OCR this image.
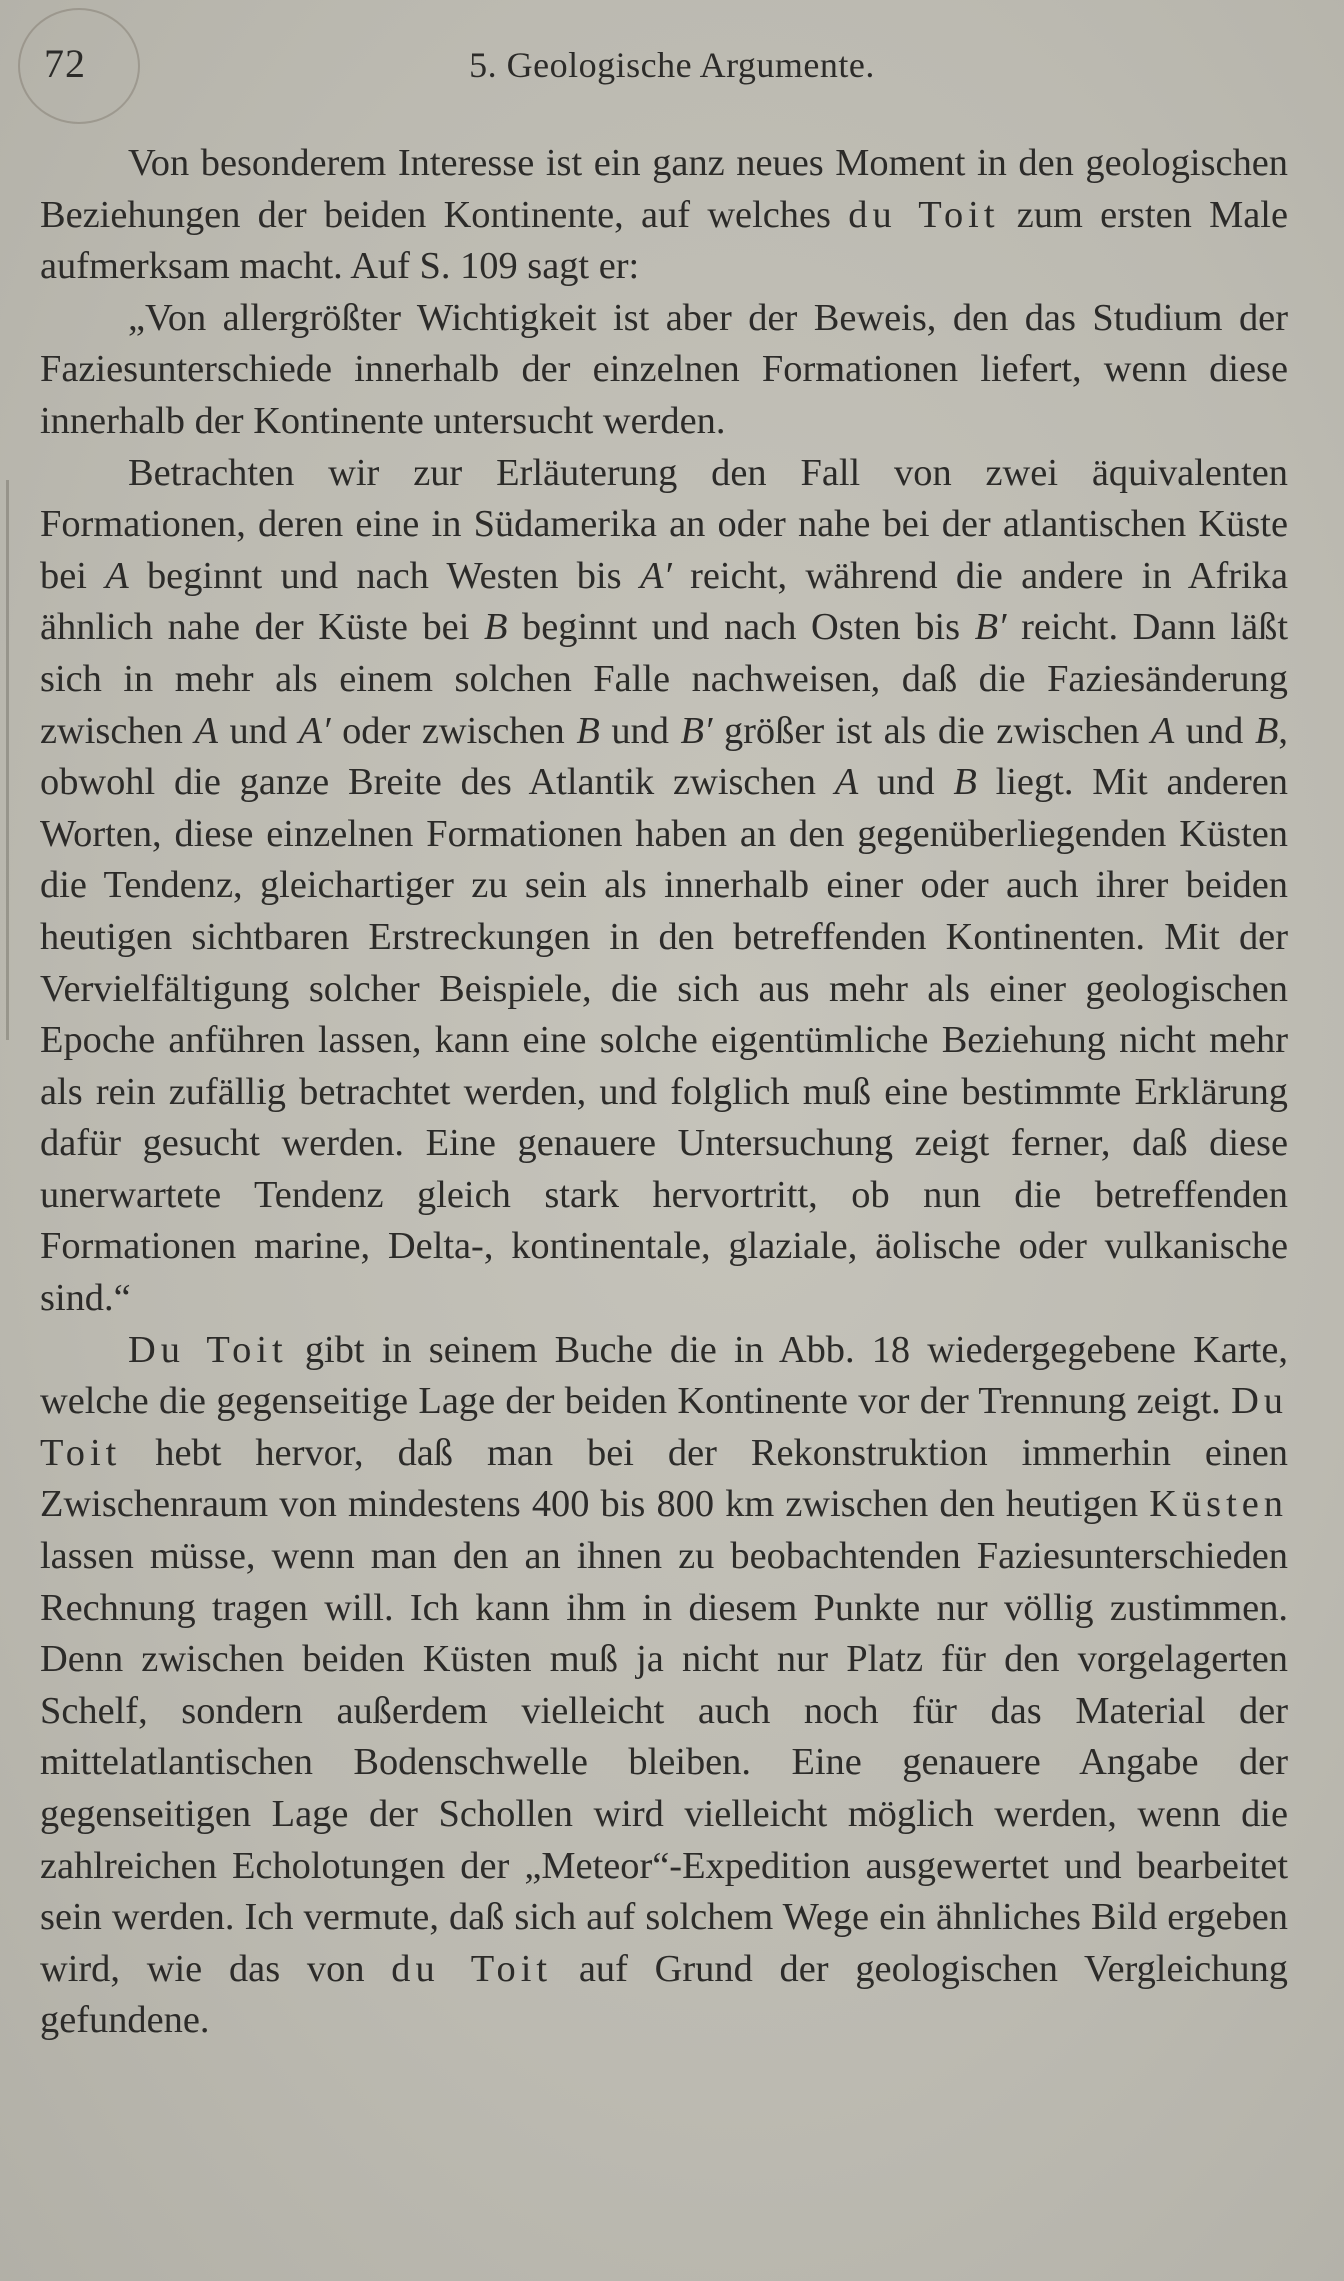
72	5. Geologische Argumente.

Von besonderem Interesse ist ein ganz neues Moment in den geologischen Beziehungen der beiden Kontinente, auf welches du Toit zum ersten Male aufmerksam macht. Auf S. 109 sagt er:

„Von allergrößter Wichtigkeit ist aber der Beweis, den das Studium der Faziesunterschiede innerhalb der einzelnen Formationen liefert, wenn diese innerhalb der Kontinente untersucht werden.

Betrachten wir zur Erläuterung den Fall von zwei äquivalenten Formationen, deren eine in Südamerika an oder nahe bei der atlantischen Küste bei A beginnt und nach Westen bis A′ reicht, während die andere in Afrika ähnlich nahe der Küste bei B beginnt und nach Osten bis B′ reicht. Dann läßt sich in mehr als einem solchen Falle nachweisen, daß die Faziesänderung zwischen A und A′ oder zwischen B und B′ größer ist als die zwischen A und B, obwohl die ganze Breite des Atlantik zwischen A und B liegt. Mit anderen Worten, diese einzelnen Formationen haben an den gegenüberliegenden Küsten die Tendenz, gleichartiger zu sein als innerhalb einer oder auch ihrer beiden heutigen sichtbaren Erstreckungen in den betreffenden Kontinenten. Mit der Vervielfältigung solcher Beispiele, die sich aus mehr als einer geologischen Epoche anführen lassen, kann eine solche eigentümliche Beziehung nicht mehr als rein zufällig betrachtet werden, und folglich muß eine bestimmte Erklärung dafür gesucht werden. Eine genauere Untersuchung zeigt ferner, daß diese unerwartete Tendenz gleich stark hervortritt, ob nun die betreffenden Formationen marine, Delta-, kontinentale, glaziale, äolische oder vulkanische sind.“

Du Toit gibt in seinem Buche die in Abb. 18 wiedergegebene Karte, welche die gegenseitige Lage der beiden Kontinente vor der Trennung zeigt. Du Toit hebt hervor, daß man bei der Rekonstruktion immerhin einen Zwischenraum von mindestens 400 bis 800 km zwischen den heutigen Küsten lassen müsse, wenn man den an ihnen zu beobachtenden Faziesunterschieden Rechnung tragen will. Ich kann ihm in diesem Punkte nur völlig zustimmen. Denn zwischen beiden Küsten muß ja nicht nur Platz für den vorgelagerten Schelf, sondern außerdem vielleicht auch noch für das Material der mittelatlantischen Bodenschwelle bleiben. Eine genauere Angabe der gegenseitigen Lage der Schollen wird vielleicht möglich werden, wenn die zahlreichen Echolotungen der „Meteor“-Expedition ausgewertet und bearbeitet sein werden. Ich vermute, daß sich auf solchem Wege ein ähnliches Bild ergeben wird, wie das von du Toit auf Grund der geologischen Vergleichung gefundene.
